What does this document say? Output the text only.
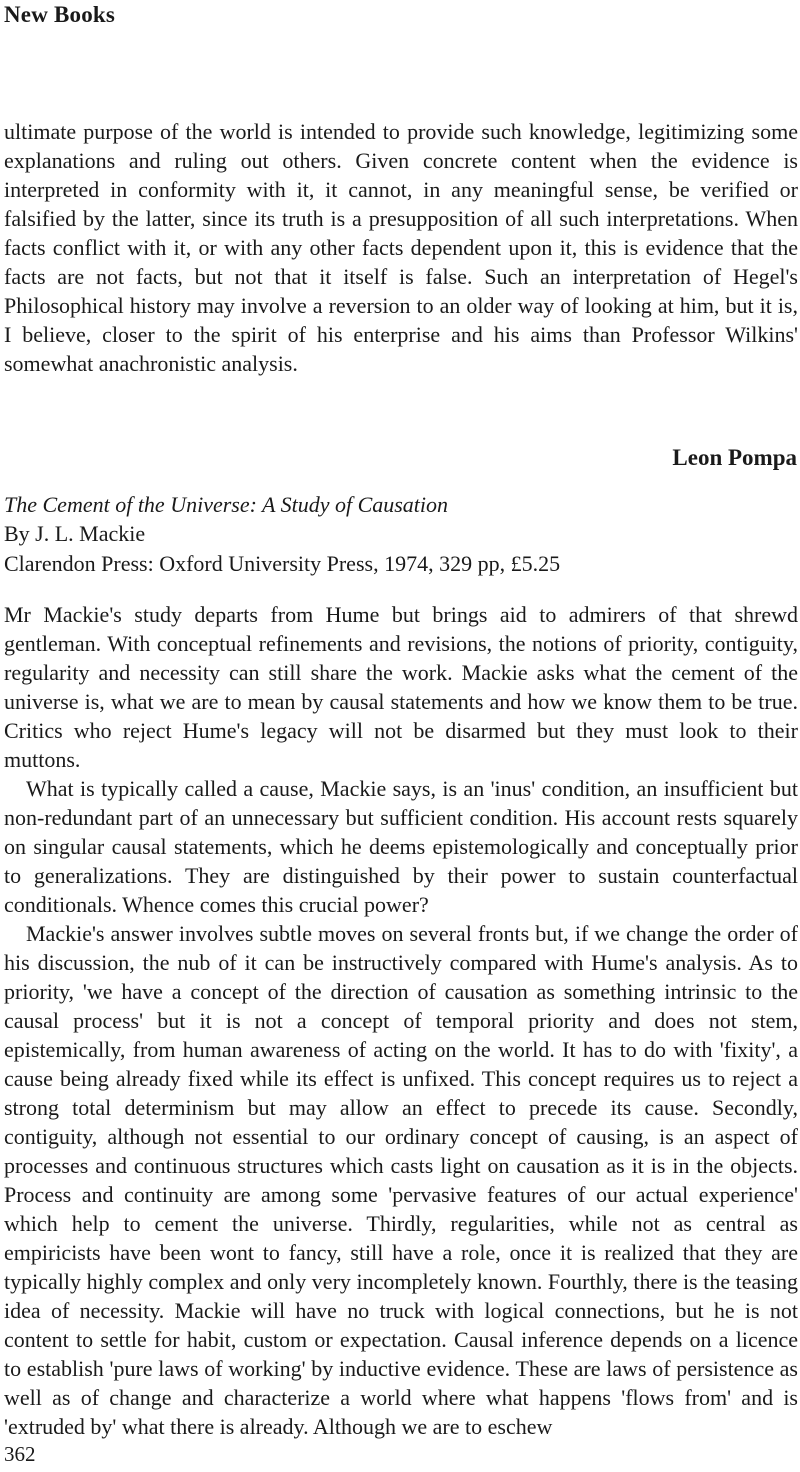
New Books

ultimate purpose of the world is intended to provide such knowledge, legitimizing some explanations and ruling out others. Given concrete content when the evidence is interpreted in conformity with it, it cannot, in any meaningful sense, be verified or falsified by the latter, since its truth is a presupposition of all such interpretations. When facts conflict with it, or with any other facts dependent upon it, this is evidence that the facts are not facts, but not that it itself is false. Such an interpretation of Hegel's Philosophical history may involve a reversion to an older way of looking at him, but it is, I believe, closer to the spirit of his enterprise and his aims than Professor Wilkins' somewhat anachronistic analysis.

Leon Pompa
The Cement of the Universe: A Study of Causation
By J. L. Mackie
Clarendon Press: Oxford University Press, 1974, 329 pp, £5.25

Mr Mackie's study departs from Hume but brings aid to admirers of that shrewd gentleman. With conceptual refinements and revisions, the notions of priority, contiguity, regularity and necessity can still share the work. Mackie asks what the cement of the universe is, what we are to mean by causal statements and how we know them to be true. Critics who reject Hume's legacy will not be disarmed but they must look to their muttons.

What is typically called a cause, Mackie says, is an 'inus' condition, an insufficient but non-redundant part of an unnecessary but sufficient condition. His account rests squarely on singular causal statements, which he deems epistemologically and conceptually prior to generalizations. They are distinguished by their power to sustain counterfactual conditionals. Whence comes this crucial power?

Mackie's answer involves subtle moves on several fronts but, if we change the order of his discussion, the nub of it can be instructively compared with Hume's analysis. As to priority, 'we have a concept of the direction of causation as something intrinsic to the causal process' but it is not a concept of temporal priority and does not stem, epistemically, from human awareness of acting on the world. It has to do with 'fixity', a cause being already fixed while its effect is unfixed. This concept requires us to reject a strong total determinism but may allow an effect to precede its cause. Secondly, contiguity, although not essential to our ordinary concept of causing, is an aspect of processes and continuous structures which casts light on causation as it is in the objects. Process and continuity are among some 'pervasive features of our actual experience' which help to cement the universe. Thirdly, regularities, while not as central as empiricists have been wont to fancy, still have a role, once it is realized that they are typically highly complex and only very incompletely known. Fourthly, there is the teasing idea of necessity. Mackie will have no truck with logical connections, but he is not content to settle for habit, custom or expectation. Causal inference depends on a licence to establish 'pure laws of working' by inductive evidence. These are laws of persistence as well as of change and characterize a world where what happens 'flows from' and is 'extruded by' what there is already. Although we are to eschew

362
